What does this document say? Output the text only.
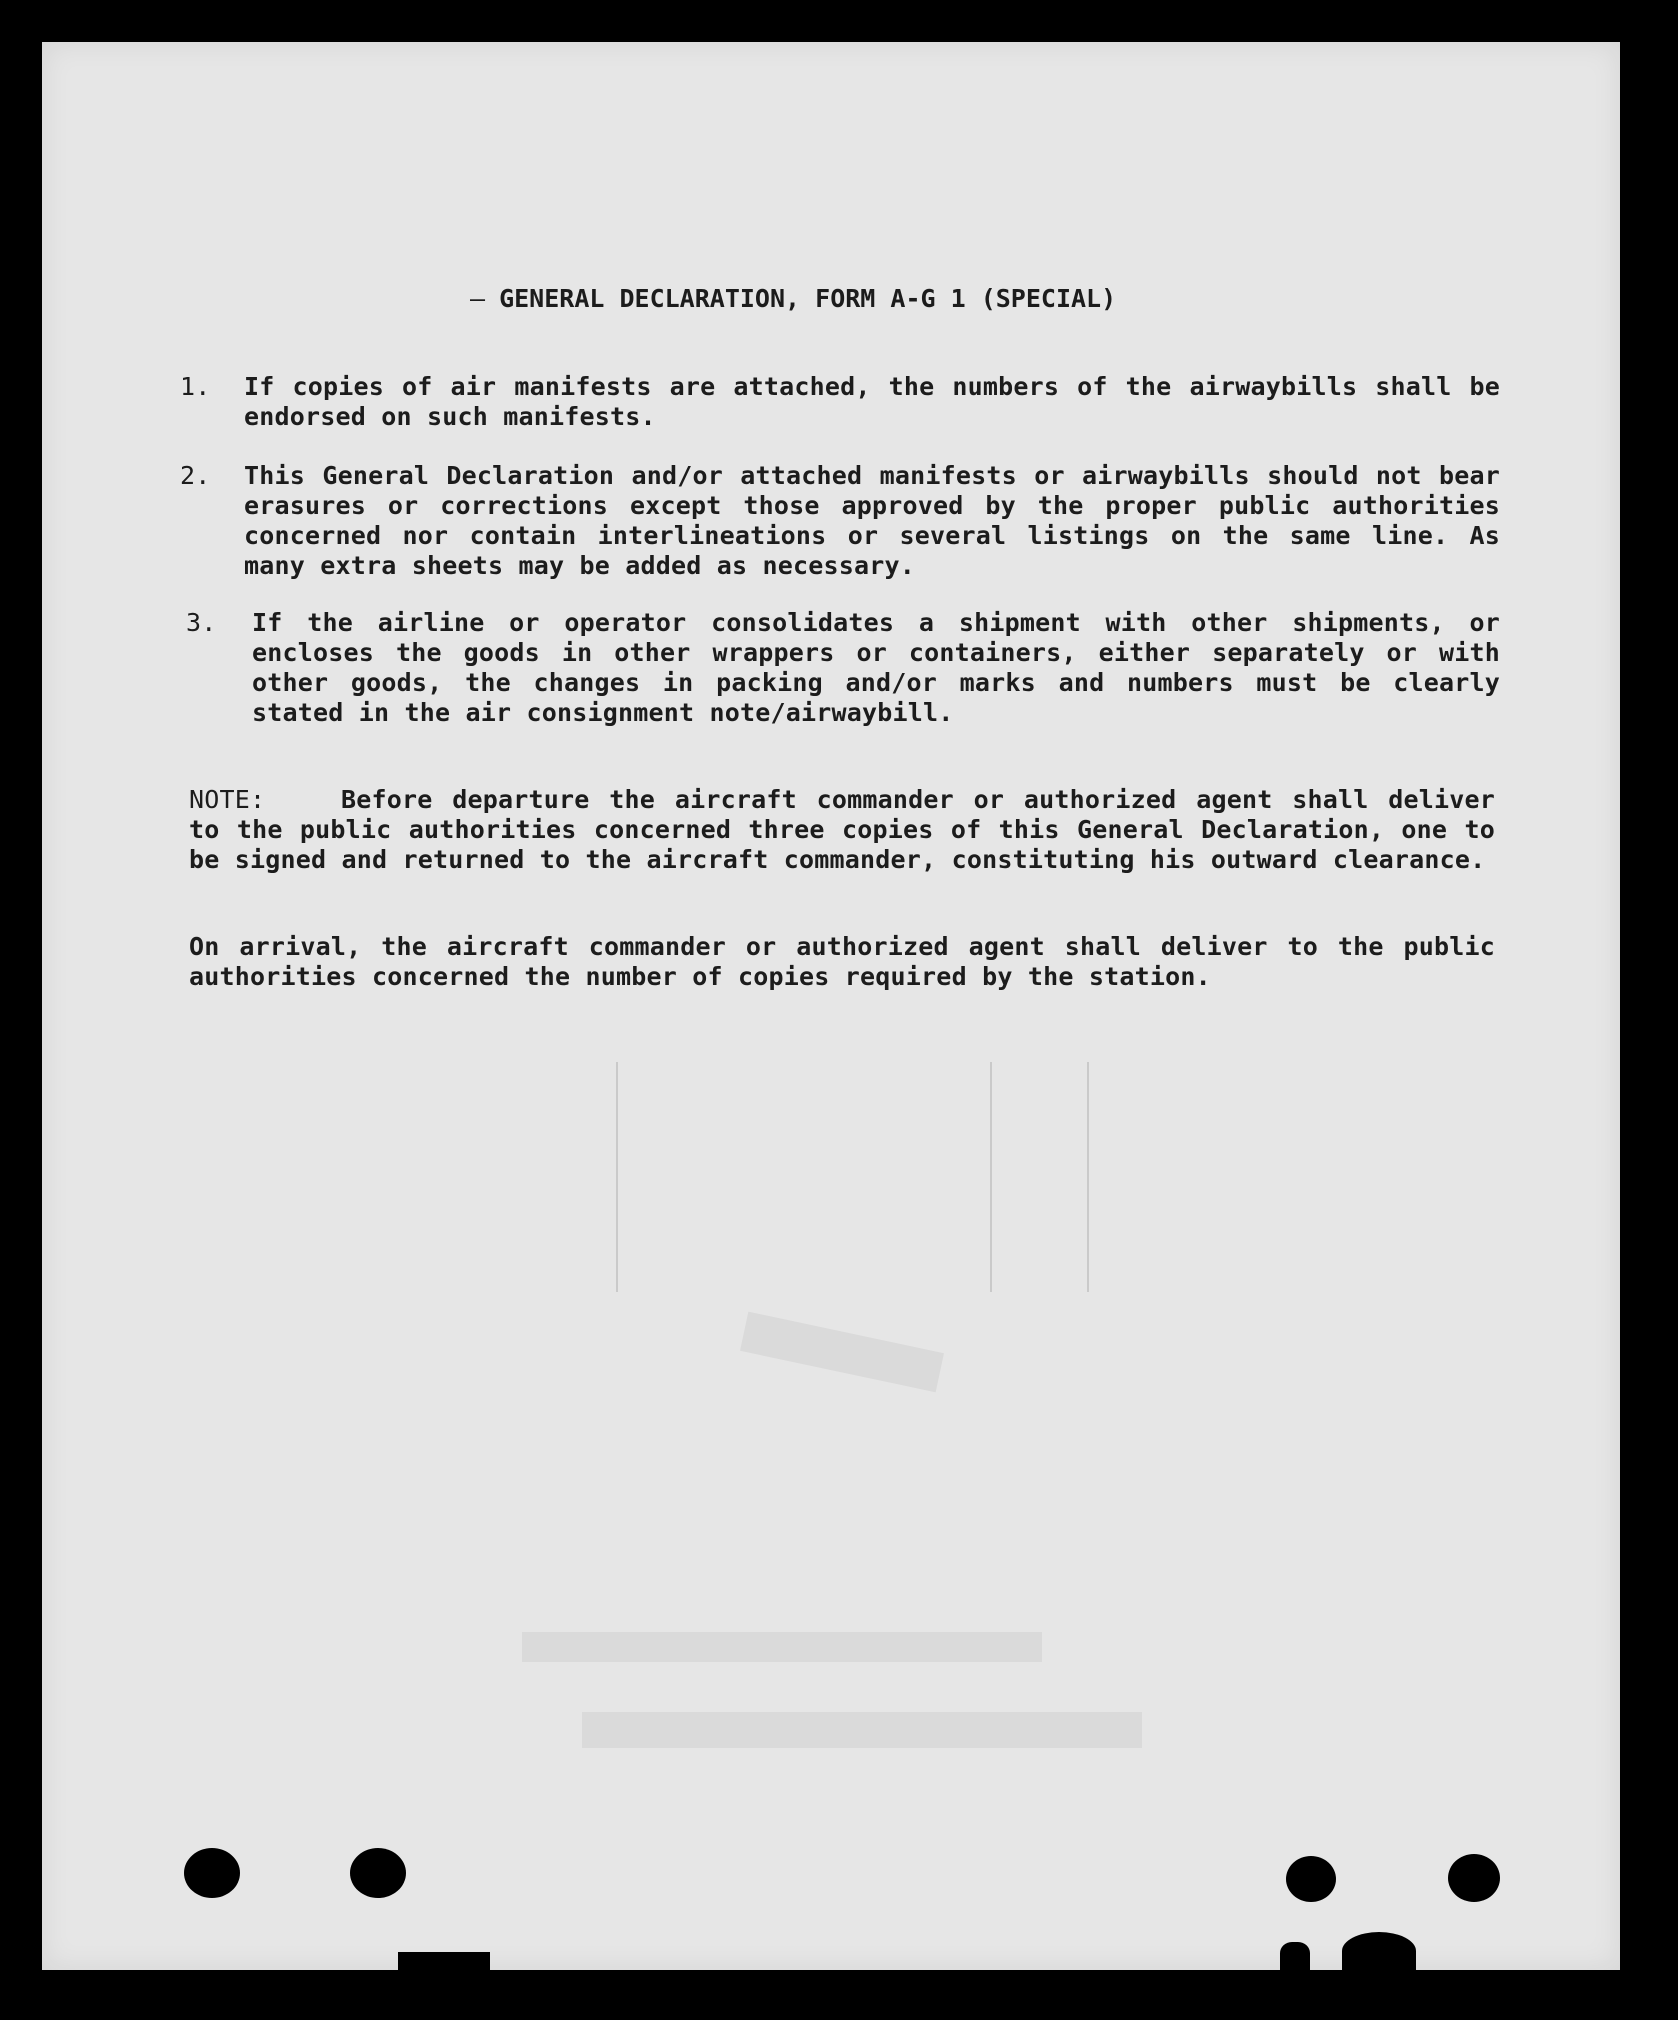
— GENERAL DECLARATION, FORM A-G 1 (SPECIAL)
1.	If copies of air manifests are attached, the numbers of the airwaybills shall be endorsed on such manifests.
2.	This General Declaration and/or attached manifests or airwaybills should not bear erasures or corrections except those approved by the proper public authorities concerned nor contain interlineations or several listings on the same line. As many extra sheets may be added as necessary.
3.	If the airline or operator consolidates a shipment with other shipments, or encloses the goods in other wrappers or containers, either separately or with other goods, the changes in packing and/or marks and numbers must be clearly stated in the air consignment note/airwaybill.
NOTE:	Before departure the aircraft commander or authorized agent shall deliver to the public authorities concerned three copies of this General Declaration, one to be signed and returned to the aircraft commander, constituting his outward clearance.
On arrival, the aircraft commander or authorized agent shall deliver to the public authorities concerned the number of copies required by the station.
